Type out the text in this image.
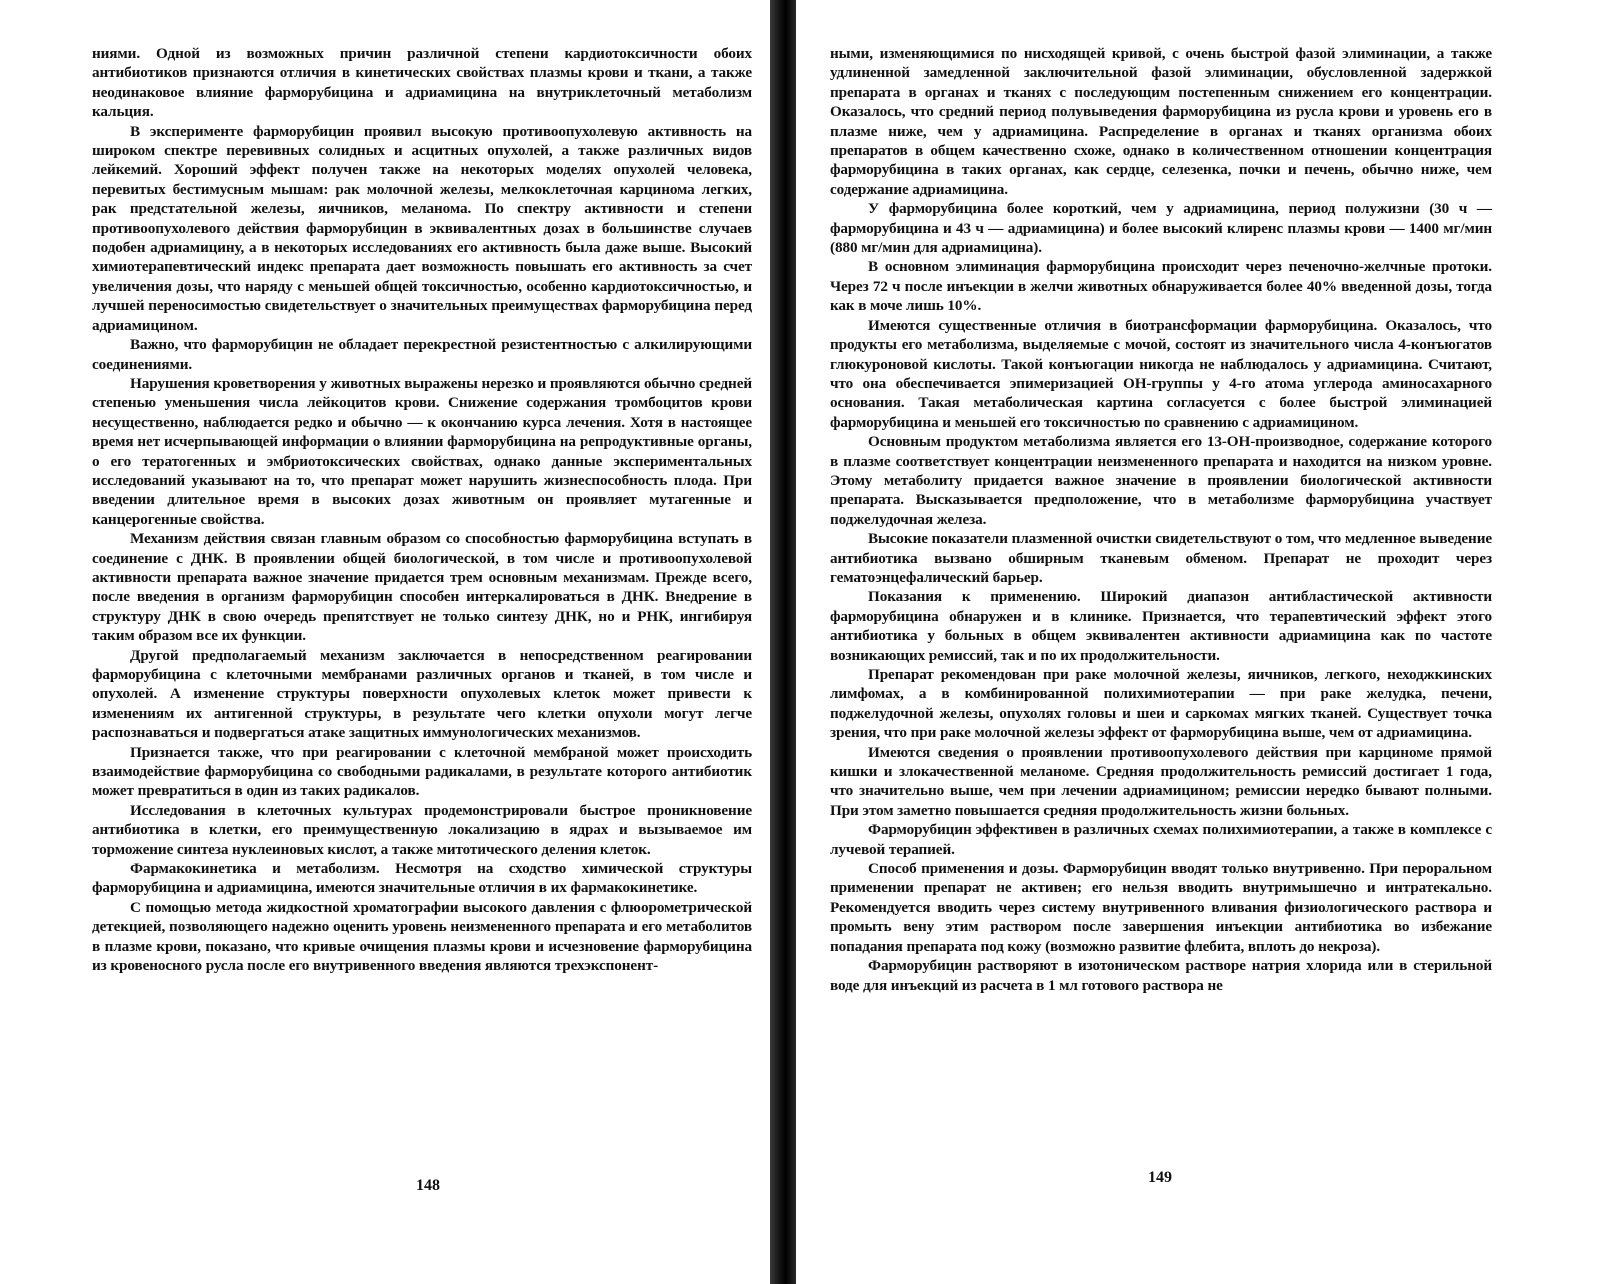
ниями. Одной из возможных причин различной степени кардиотоксичности обоих антибиотиков признаются отличия в кинетических свойствах плазмы крови и ткани, а также неодинаковое влияние фарморубицина и адриамицина на внутриклеточный метаболизм кальция.

В эксперименте фарморубицин проявил высокую противоопухолевую активность на широком спектре перевивных солидных и асцитных опухолей, а также различных видов лейкемий. Хороший эффект получен также на некоторых моделях опухолей человека, перевитых бестимусным мышам: рак молочной железы, мелкоклеточная карцинома легких, рак предстательной железы, яичников, меланома. По спектру активности и степени противоопухолевого действия фарморубицин в эквивалентных дозах в большинстве случаев подобен адриамицину, а в некоторых исследованиях его активность была даже выше. Высокий химиотерапевтический индекс препарата дает возможность повышать его активность за счет увеличения дозы, что наряду с меньшей общей токсичностью, особенно кардиотоксичностью, и лучшей переносимостью свидетельствует о значительных преимуществах фарморубицина перед адриамицином.

Важно, что фарморубицин не обладает перекрестной резистентностью с алкилирующими соединениями.

Нарушения кроветворения у животных выражены нерезко и проявляются обычно средней степенью уменьшения числа лейкоцитов крови. Снижение содержания тромбоцитов крови несущественно, наблюдается редко и обычно — к окончанию курса лечения. Хотя в настоящее время нет исчерпывающей информации о влиянии фарморубицина на репродуктивные органы, о его тератогенных и эмбриотоксических свойствах, однако данные экспериментальных исследований указывают на то, что препарат может нарушить жизнеспособность плода. При введении длительное время в высоких дозах животным он проявляет мутагенные и канцерогенные свойства.

Механизм действия связан главным образом со способностью фарморубицина вступать в соединение с ДНК. В проявлении общей биологической, в том числе и противоопухолевой активности препарата важное значение придается трем основным механизмам. Прежде всего, после введения в организм фарморубицин способен интеркалироваться в ДНК. Внедрение в структуру ДНК в свою очередь препятствует не только синтезу ДНК, но и РНК, ингибируя таким образом все их функции.

Другой предполагаемый механизм заключается в непосредственном реагировании фарморубицина с клеточными мембранами различных органов и тканей, в том числе и опухолей. А изменение структуры поверхности опухолевых клеток может привести к изменениям их антигенной структуры, в результате чего клетки опухоли могут легче распознаваться и подвергаться атаке защитных иммунологических механизмов.

Признается также, что при реагировании с клеточной мембраной может происходить взаимодействие фарморубицина со свободными радикалами, в результате которого антибиотик может превратиться в один из таких радикалов.

Исследования в клеточных культурах продемонстрировали быстрое проникновение антибиотика в клетки, его преимущественную локализацию в ядрах и вызываемое им торможение синтеза нуклеиновых кислот, а также митотического деления клеток.

Фармакокинетика и метаболизм. Несмотря на сходство химической структуры фарморубицина и адриамицина, имеются значительные отличия в их фармакокинетике.

С помощью метода жидкостной хроматографии высокого давления с флюорометрической детекцией, позволяющего надежно оценить уровень неизмененного препарата и его метаболитов в плазме крови, показано, что кривые очищения плазмы крови и исчезновение фарморубицина из кровеносного русла после его внутривенного введения являются трехэкспонент-

ными, изменяющимися по нисходящей кривой, с очень быстрой фазой элиминации, а также удлиненной замедленной заключительной фазой элиминации, обусловленной задержкой препарата в органах и тканях с последующим постепенным снижением его концентрации. Оказалось, что средний период полувыведения фарморубицина из русла крови и уровень его в плазме ниже, чем у адриамицина. Распределение в органах и тканях организма обоих препаратов в общем качественно схоже, однако в количественном отношении концентрация фарморубицина в таких органах, как сердце, селезенка, почки и печень, обычно ниже, чем содержание адриамицина.

У фарморубицина более короткий, чем у адриамицина, период полужизни (30 ч — фарморубицина и 43 ч — адриамицина) и более высокий клиренс плазмы крови — 1400 мг/мин (880 мг/мин для адриамицина).

В основном элиминация фарморубицина происходит через печеночно-желчные протоки. Через 72 ч после инъекции в желчи животных обнаруживается более 40% введенной дозы, тогда как в моче лишь 10%.

Имеются существенные отличия в биотрансформации фарморубицина. Оказалось, что продукты его метаболизма, выделяемые с мочой, состоят из значительного числа 4-конъюгатов глюкуроновой кислоты. Такой конъюгации никогда не наблюдалось у адриамицина. Считают, что она обеспечивается эпимеризацией ОН-группы у 4-го атома углерода аминосахарного основания. Такая метаболическая картина согласуется с более быстрой элиминацией фарморубицина и меньшей его токсичностью по сравнению с адриамицином.

Основным продуктом метаболизма является его 13-ОН-производное, содержание которого в плазме соответствует концентрации неизмененного препарата и находится на низком уровне. Этому метаболиту придается важное значение в проявлении биологической активности препарата. Высказывается предположение, что в метаболизме фарморубицина участвует поджелудочная железа.

Высокие показатели плазменной очистки свидетельствуют о том, что медленное выведение антибиотика вызвано обширным тканевым обменом. Препарат не проходит через гематоэнцефалический барьер.

Показания к применению. Широкий диапазон антибластической активности фарморубицина обнаружен и в клинике. Признается, что терапевтический эффект этого антибиотика у больных в общем эквивалентен активности адриамицина как по частоте возникающих ремиссий, так и по их продолжительности.

Препарат рекомендован при раке молочной железы, яичников, легкого, неходжкинских лимфомах, а в комбинированной полихимиотерапии — при раке желудка, печени, поджелудочной железы, опухолях головы и шеи и саркомах мягких тканей. Существует точка зрения, что при раке молочной железы эффект от фарморубицина выше, чем от адриамицина.

Имеются сведения о проявлении противоопухолевого действия при карциноме прямой кишки и злокачественной меланоме. Средняя продолжительность ремиссий достигает 1 года, что значительно выше, чем при лечении адриамицином; ремиссии нередко бывают полными. При этом заметно повышается средняя продолжительность жизни больных.

Фарморубицин эффективен в различных схемах полихимиотерапии, а также в комплексе с лучевой терапией.

Способ применения и дозы. Фарморубицин вводят только внутривенно. При пероральном применении препарат не активен; его нельзя вводить внутримышечно и интратекально. Рекомендуется вводить через систему внутривенного вливания физиологического раствора и промыть вену этим раствором после завершения инъекции антибиотика во избежание попадания препарата под кожу (возможно развитие флебита, вплоть до некроза).

Фарморубицин растворяют в изотоническом растворе натрия хлорида или в стерильной воде для инъекций из расчета в 1 мл готового раствора не

148	149
